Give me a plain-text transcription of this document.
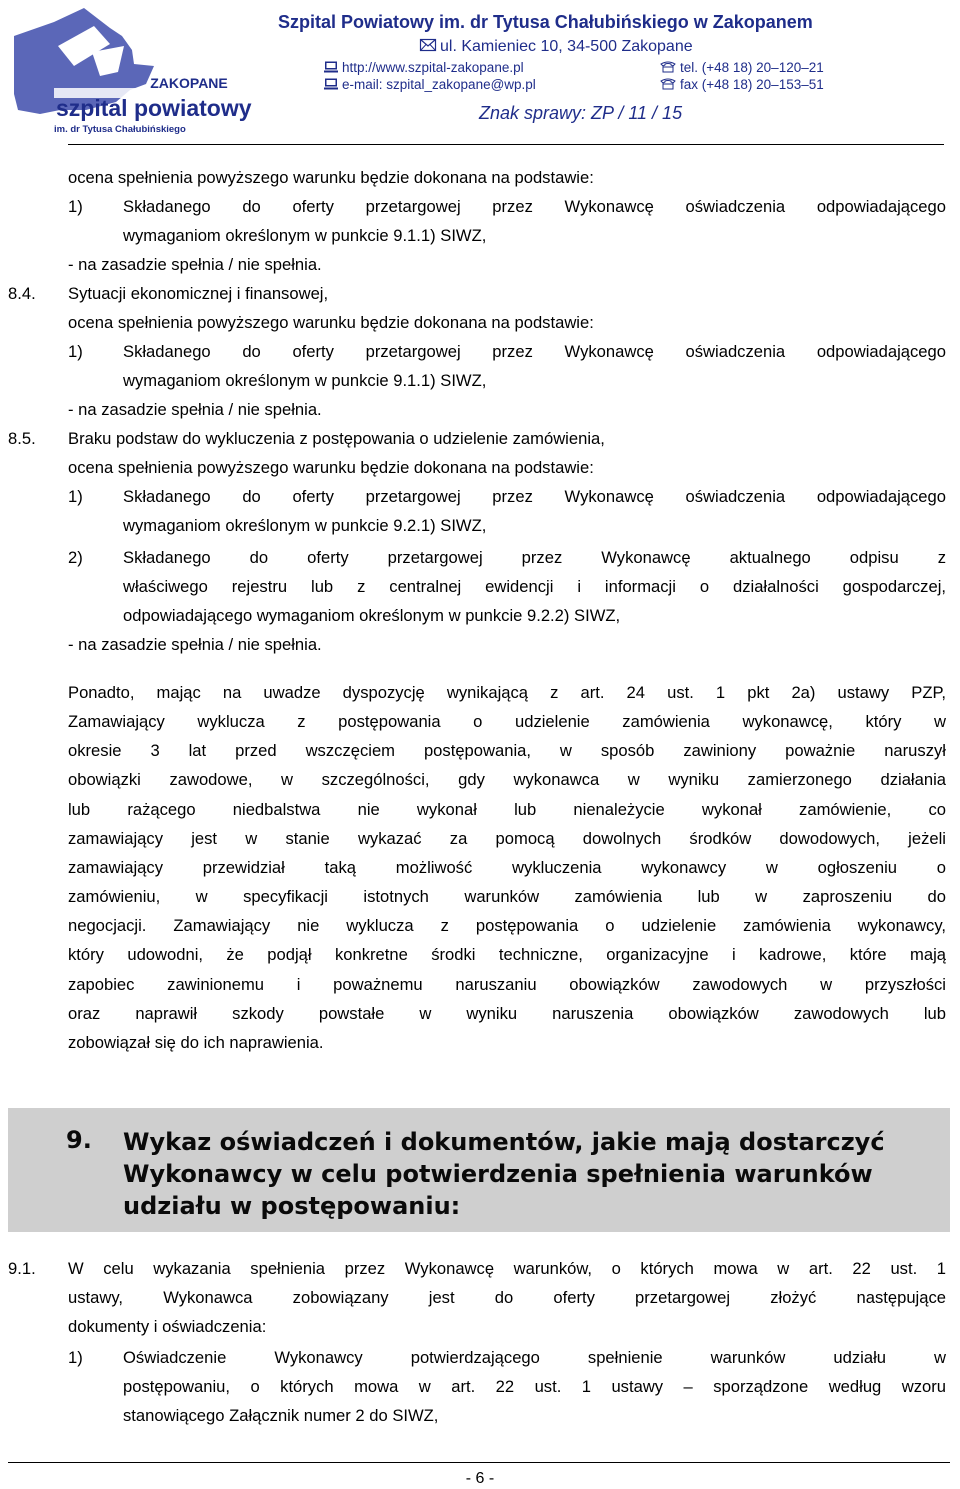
ZAKOPANE
szpital powiatowy
im. dr Tytusa Chałubińskiego
Szpital Powiatowy im. dr Tytusa Chałubińskiego w Zakopanem
ul. Kamieniec 10, 34-500 Zakopane
http://www.szpital-zakopane.pl	tel. (+48 18) 20–120–21
e-mail: szpital_zakopane@wp.pl	fax (+48 18) 20–153–51
Znak sprawy: ZP / 11 / 15
ocena spełnienia powyższego warunku będzie dokonana na podstawie:
1) Składanego do oferty przetargowej przez Wykonawcę oświadczenia odpowiadającego
wymaganiom określonym w punkcie 9.1.1) SIWZ,
- na zasadzie spełnia / nie spełnia.
8.4. Sytuacji ekonomicznej i finansowej,
ocena spełnienia powyższego warunku będzie dokonana na podstawie:
1) Składanego do oferty przetargowej przez Wykonawcę oświadczenia odpowiadającego
wymaganiom określonym w punkcie 9.1.1) SIWZ,
- na zasadzie spełnia / nie spełnia.
8.5. Braku podstaw do wykluczenia z postępowania o udzielenie zamówienia,
ocena spełnienia powyższego warunku będzie dokonana na podstawie:
1) Składanego do oferty przetargowej przez Wykonawcę oświadczenia odpowiadającego
wymaganiom określonym w punkcie 9.2.1) SIWZ,
2) Składanego do oferty przetargowej przez Wykonawcę aktualnego odpisu z
właściwego rejestru lub z centralnej ewidencji i informacji o działalności gospodarczej,
odpowiadającego wymaganiom określonym w punkcie 9.2.2) SIWZ,
- na zasadzie spełnia / nie spełnia.
Ponadto, mając na uwadze dyspozycję wynikającą z art. 24 ust. 1 pkt 2a) ustawy PZP,
Zamawiający wyklucza z postępowania o udzielenie zamówienia wykonawcę, który w
okresie 3 lat przed wszczęciem postępowania, w sposób zawiniony poważnie naruszył
obowiązki zawodowe, w szczególności, gdy wykonawca w wyniku zamierzonego działania
lub rażącego niedbalstwa nie wykonał lub nienależycie wykonał zamówienie, co
zamawiający jest w stanie wykazać za pomocą dowolnych środków dowodowych, jeżeli
zamawiający przewidział taką możliwość wykluczenia wykonawcy w ogłoszeniu o
zamówieniu, w specyfikacji istotnych warunków zamówienia lub w zaproszeniu do
negocjacji. Zamawiający nie wyklucza z postępowania o udzielenie zamówienia wykonawcy,
który udowodni, że podjął konkretne środki techniczne, organizacyjne i kadrowe, które mają
zapobiec zawinionemu i poważnemu naruszaniu obowiązków zawodowych w przyszłości
oraz naprawił szkody powstałe w wyniku naruszenia obowiązków zawodowych lub
zobowiązał się do ich naprawienia.
9. Wykaz oświadczeń i dokumentów, jakie mają dostarczyć Wykonawcy w celu potwierdzenia spełnienia warunków udziału w postępowaniu:
9.1. W celu wykazania spełnienia przez Wykonawcę warunków, o których mowa w art. 22 ust. 1
ustawy, Wykonawca zobowiązany jest do oferty przetargowej złożyć następujące
dokumenty i oświadczenia:
1) Oświadczenie Wykonawcy potwierdzającego spełnienie warunków udziału w
postępowaniu, o których mowa w art. 22 ust. 1 ustawy – sporządzone według wzoru
stanowiącego Załącznik numer 2 do SIWZ,
- 6 -
